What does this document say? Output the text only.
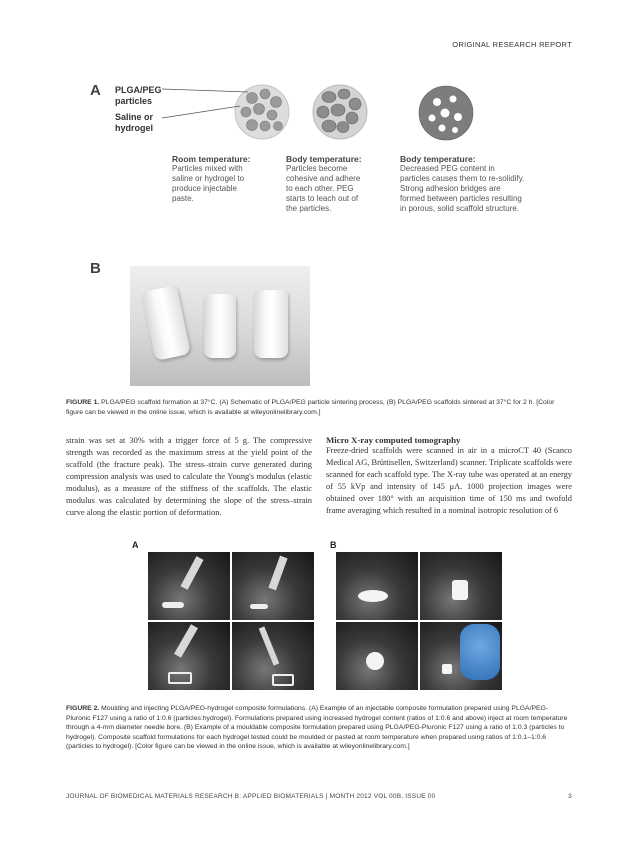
ORIGINAL RESEARCH REPORT
A PLGA/PEG
particles
Saline or
hydrogel
Room temperature:
Particles mixed with
saline or hydrogel to
produce injectable
paste.
Body temperature:
Particles become
cohesive and adhere
to each other. PEG
starts to leach out of
the particles.
Body temperature:
Decreased PEG content in
particles causes them to re-solidify.
Strong adhesion bridges are
formed between particles resulting
in porous, solid scaffold structure.
B
FIGURE 1. PLGA/PEG scaffold formation at 37°C. (A) Schematic of PLGA/PEG particle sintering process, (B) PLGA/PEG scaffolds sintered at 37°C for 2 h. [Color figure can be viewed in the online issue, which is available at wileyonlinelibrary.com.]
strain was set at 30% with a trigger force of 5 g. The compressive strength was recorded as the maximum stress at the yield point of the scaffold (the fracture peak). The stress–strain curve generated during compression analysis was used to calculate the Young's modulus (elastic modulus), as a measure of the stiffness of the scaffolds. The elastic modulus was calculated by determining the slope of the stress–strain curve along the elastic portion of deformation.
Micro X-ray computed tomography
Freeze-dried scaffolds were scanned in air in a microCT 40 (Scanco Medical AG, Brüttisellen, Switzerland) scanner. Triplicate scaffolds were scanned for each scaffold type. The X-ray tube was operated at an energy of 55 kVp and intensity of 145 μA. 1000 projection images were obtained over 180° with an acquisition time of 150 ms and twofold frame averaging which resulted in a nominal isotropic resolution of 6
A	B
FIGURE 2. Moulding and injecting PLGA/PEG-hydrogel composite formulations. (A) Example of an injectable composite formulation prepared using PLGA/PEG-Pluronic F127 using a ratio of 1:0.6 (particles:hydrogel). Formulations prepared using increased hydrogel content (ratios of 1:0.6 and above) inject at room temperature through a 4-mm diameter needle bore. (B) Example of a mouldable composite formulation prepared using PLGA/PEG-Pluronic F127 using a ratio of 1:0.3 (particles to hydrogel). Composite scaffold formulations for each hydrogel tested could be moulded or pasted at room temperature when prepared using ratios of 1:0.1–1:0.6 (particles to hydrogel). [Color figure can be viewed in the online issue, which is available at wileyonlinelibrary.com.]
JOURNAL OF BIOMEDICAL MATERIALS RESEARCH B: APPLIED BIOMATERIALS | MONTH 2012 VOL 00B, ISSUE 00	3
